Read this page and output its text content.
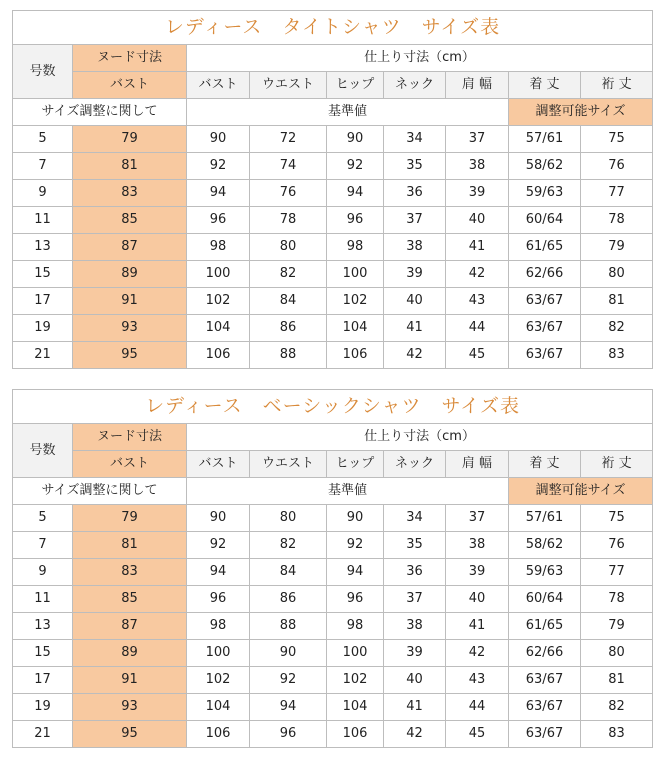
レディース　タイトシャツ　サイズ表								
号数	ヌード寸法	仕上り寸法（cm）						
	バスト	バスト	ウエスト	ヒップ	ネック	肩 幅	着 丈	裄 丈
サイズ調整に関して		基準値					調整可能サイズ	
5	79	90	72	90	34	37	57/61	75
7	81	92	74	92	35	38	58/62	76
9	83	94	76	94	36	39	59/63	77
11	85	96	78	96	37	40	60/64	78
13	87	98	80	98	38	41	61/65	79
15	89	100	82	100	39	42	62/66	80
17	91	102	84	102	40	43	63/67	81
19	93	104	86	104	41	44	63/67	82
21	95	106	88	106	42	45	63/67	83
レディース　ベーシックシャツ　サイズ表								
号数	ヌード寸法	仕上り寸法（cm）						
	バスト	バスト	ウエスト	ヒップ	ネック	肩 幅	着 丈	裄 丈
サイズ調整に関して		基準値					調整可能サイズ	
5	79	90	80	90	34	37	57/61	75
7	81	92	82	92	35	38	58/62	76
9	83	94	84	94	36	39	59/63	77
11	85	96	86	96	37	40	60/64	78
13	87	98	88	98	38	41	61/65	79
15	89	100	90	100	39	42	62/66	80
17	91	102	92	102	40	43	63/67	81
19	93	104	94	104	41	44	63/67	82
21	95	106	96	106	42	45	63/67	83
